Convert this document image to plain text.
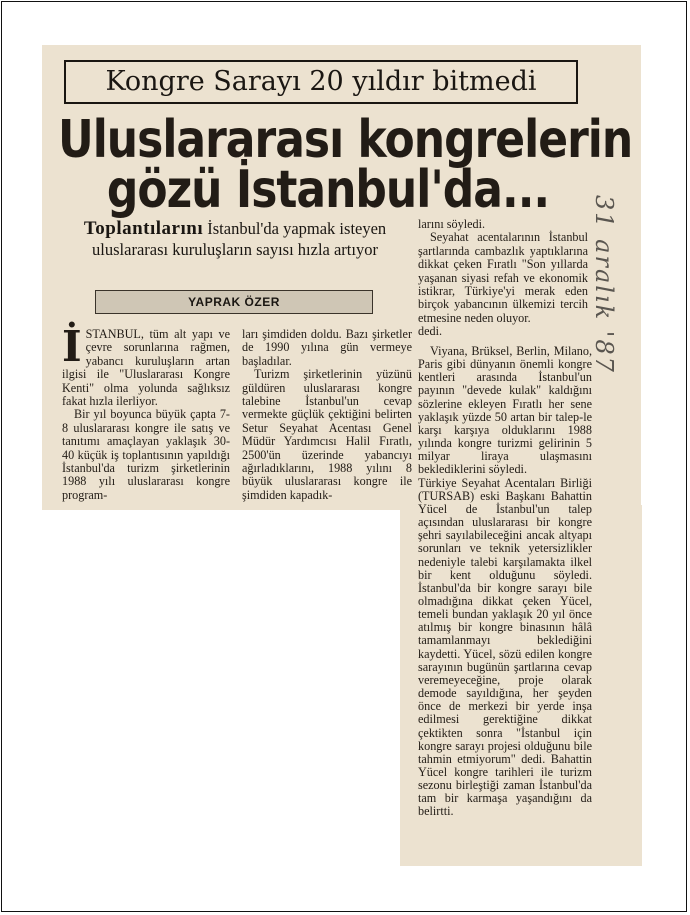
Kongre Sarayı 20 yıldır bitmedi
Uluslararası kongrelerin
gözü İstanbul'da...
Toplantılarını İstanbul'da yapmak isteyen uluslararası kuruluşların sayısı hızla artıyor
YAPRAK ÖZER
İ STANBUL, tüm alt yapı ve çevre sorunlarına rağmen, yabancı kuruluşların artan ilgisi ile "Uluslararası Kongre Kenti" olma yolunda sağlıksız fakat hızla ilerliyor.

Bir yıl boyunca büyük çapta 7-8 uluslararası kongre ile satış ve tanıtımı amaçlayan yaklaşık 30-40 küçük iş toplantısının yapıldığı İstanbul'da turizm şirketlerinin 1988 yılı uluslararası kongre program-

ları şimdiden doldu. Bazı şirketler de 1990 yılına gün vermeye başladılar.

Turizm şirketlerinin yüzünü güldüren uluslararası kongre talebine İstanbul'un cevap vermekte güçlük çektiğini belirten Setur Seyahat Acentası Genel Müdür Yardımcısı Halil Fıratlı, 2500'ün üzerinde yabancıyı ağırladıklarını, 1988 yılını 8 büyük uluslararası kongre ile şimdiden kapadık-

larını söyledi.

Seyahat acentalarının İstanbul şartlarında cambazlık yaptıklarına dikkat çeken Fıratlı "Son yıllarda yaşanan siyasi refah ve ekonomik istikrar, Türkiye'yi merak eden birçok yabancının ülkemizi tercih etmesine neden oluyor.

dedi.

Viyana, Brüksel, Berlin, Milano, Paris gibi dünyanın önemli kongre kentleri arasında İstanbul'un payının "devede kulak" kaldığını sözlerine ekleyen Fıratlı her sene yaklaşık yüzde 50 artan bir talep-le karşı karşıya olduklarını 1988 yılında kongre turizmi gelirinin 5 milyar liraya ulaşmasını beklediklerini söyledi.

Türkiye Seyahat Acentaları Birliği (TURSAB) eski Başkanı Bahattin Yücel de İstanbul'un talep açısından uluslararası bir kongre şehri sayılabileceğini ancak altyapı sorunları ve teknik yetersizlikler nedeniyle talebi karşılamakta ilkel bir kent olduğunu söyledi. İstanbul'da bir kongre sarayı bile olmadığına dikkat çeken Yücel, temeli bundan yaklaşık 20 yıl önce atılmış bir kongre binasının hâlâ tamamlanmayı beklediğini kaydetti. Yücel, sözü edilen kongre sarayının bugünün şartlarına cevap veremeyeceğine, proje olarak demode sayıldığına, her şeyden önce de merkezi bir yerde inşa edilmesi gerektiğine dikkat çektikten sonra "İstanbul için kongre sarayı projesi olduğunu bile tahmin etmiyorum" dedi. Bahattin Yücel kongre tarihleri ile turizm sezonu birleştiği zaman İstanbul'da tam bir karmaşa yaşandığını da belirtti.

31 aralık '87
